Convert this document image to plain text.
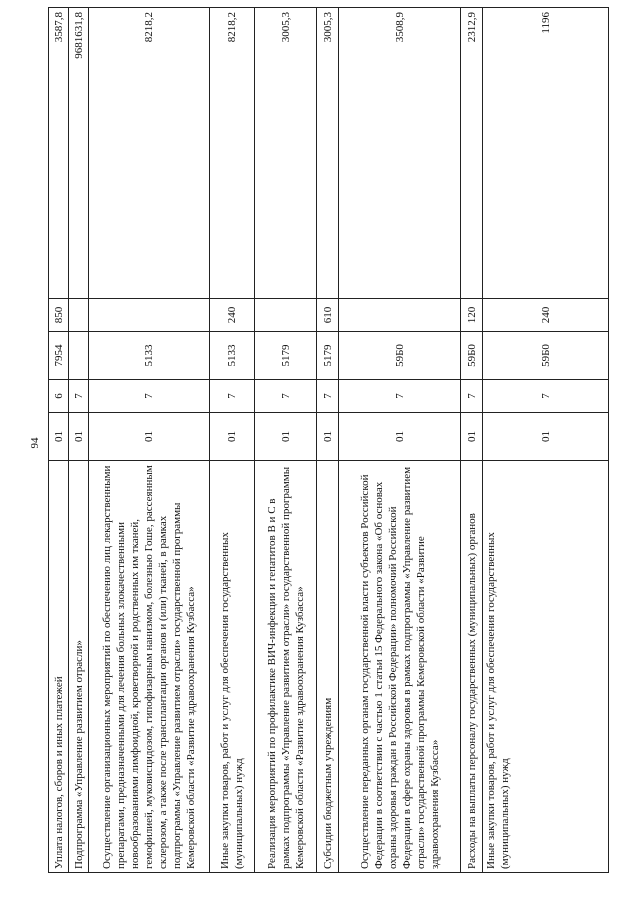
94
Уплата налогов, сборов и иных платежей	01	6	7954	850	3587,8
Подпрограмма «Управление развитием отрасли»	01	7			9681631,8
Осуществление организационных мероприятий по обеспечению лиц лекарственными препаратами, предназначенными для лечения больных злокачественными новообразованиями лимфоидной, кроветворной и родственных им тканей, гемофилией, муковисцидозом, гипофизарным нанизмом, болезнью Гоше, рассеянным склерозом, а также после трансплантации органов и (или) тканей, в рамках подпрограммы «Управление развитием отрасли» государственной программы Кемеровской области «Развитие здравоохранения Кузбасса»	01	7	5133		8218,2
Иные закупки товаров, работ и услуг для обеспечения государственных (муниципальных) нужд	01	7	5133	240	8218,2
Реализация мероприятий по профилактике ВИЧ-инфекции и гепатитов В и С в рамках подпрограммы «Управление развитием отрасли» государственной программы Кемеровской области «Развитие здравоохранения Кузбасса»	01	7	5179		3005,3
Субсидии бюджетным учреждениям	01	7	5179	610	3005,3
Осуществление переданных органам государственной власти субъектов Российской Федерации в соответствии с частью 1 статьи 15 Федерального закона «Об основах охраны здоровья граждан в Российской Федерации» полномочий Российской Федерации в сфере охраны здоровья в рамках подпрограммы «Управление развитием отрасли» государственной программы Кемеровской области «Развитие здравоохранения Кузбасса»	01	7	59Б0		3508,9
Расходы на выплаты персоналу государственных (муниципальных) органов	01	7	59Б0	120	2312,9
Иные закупки товаров, работ и услуг для обеспечения государственных (муниципальных) нужд	01	7	59Б0	240	1196
